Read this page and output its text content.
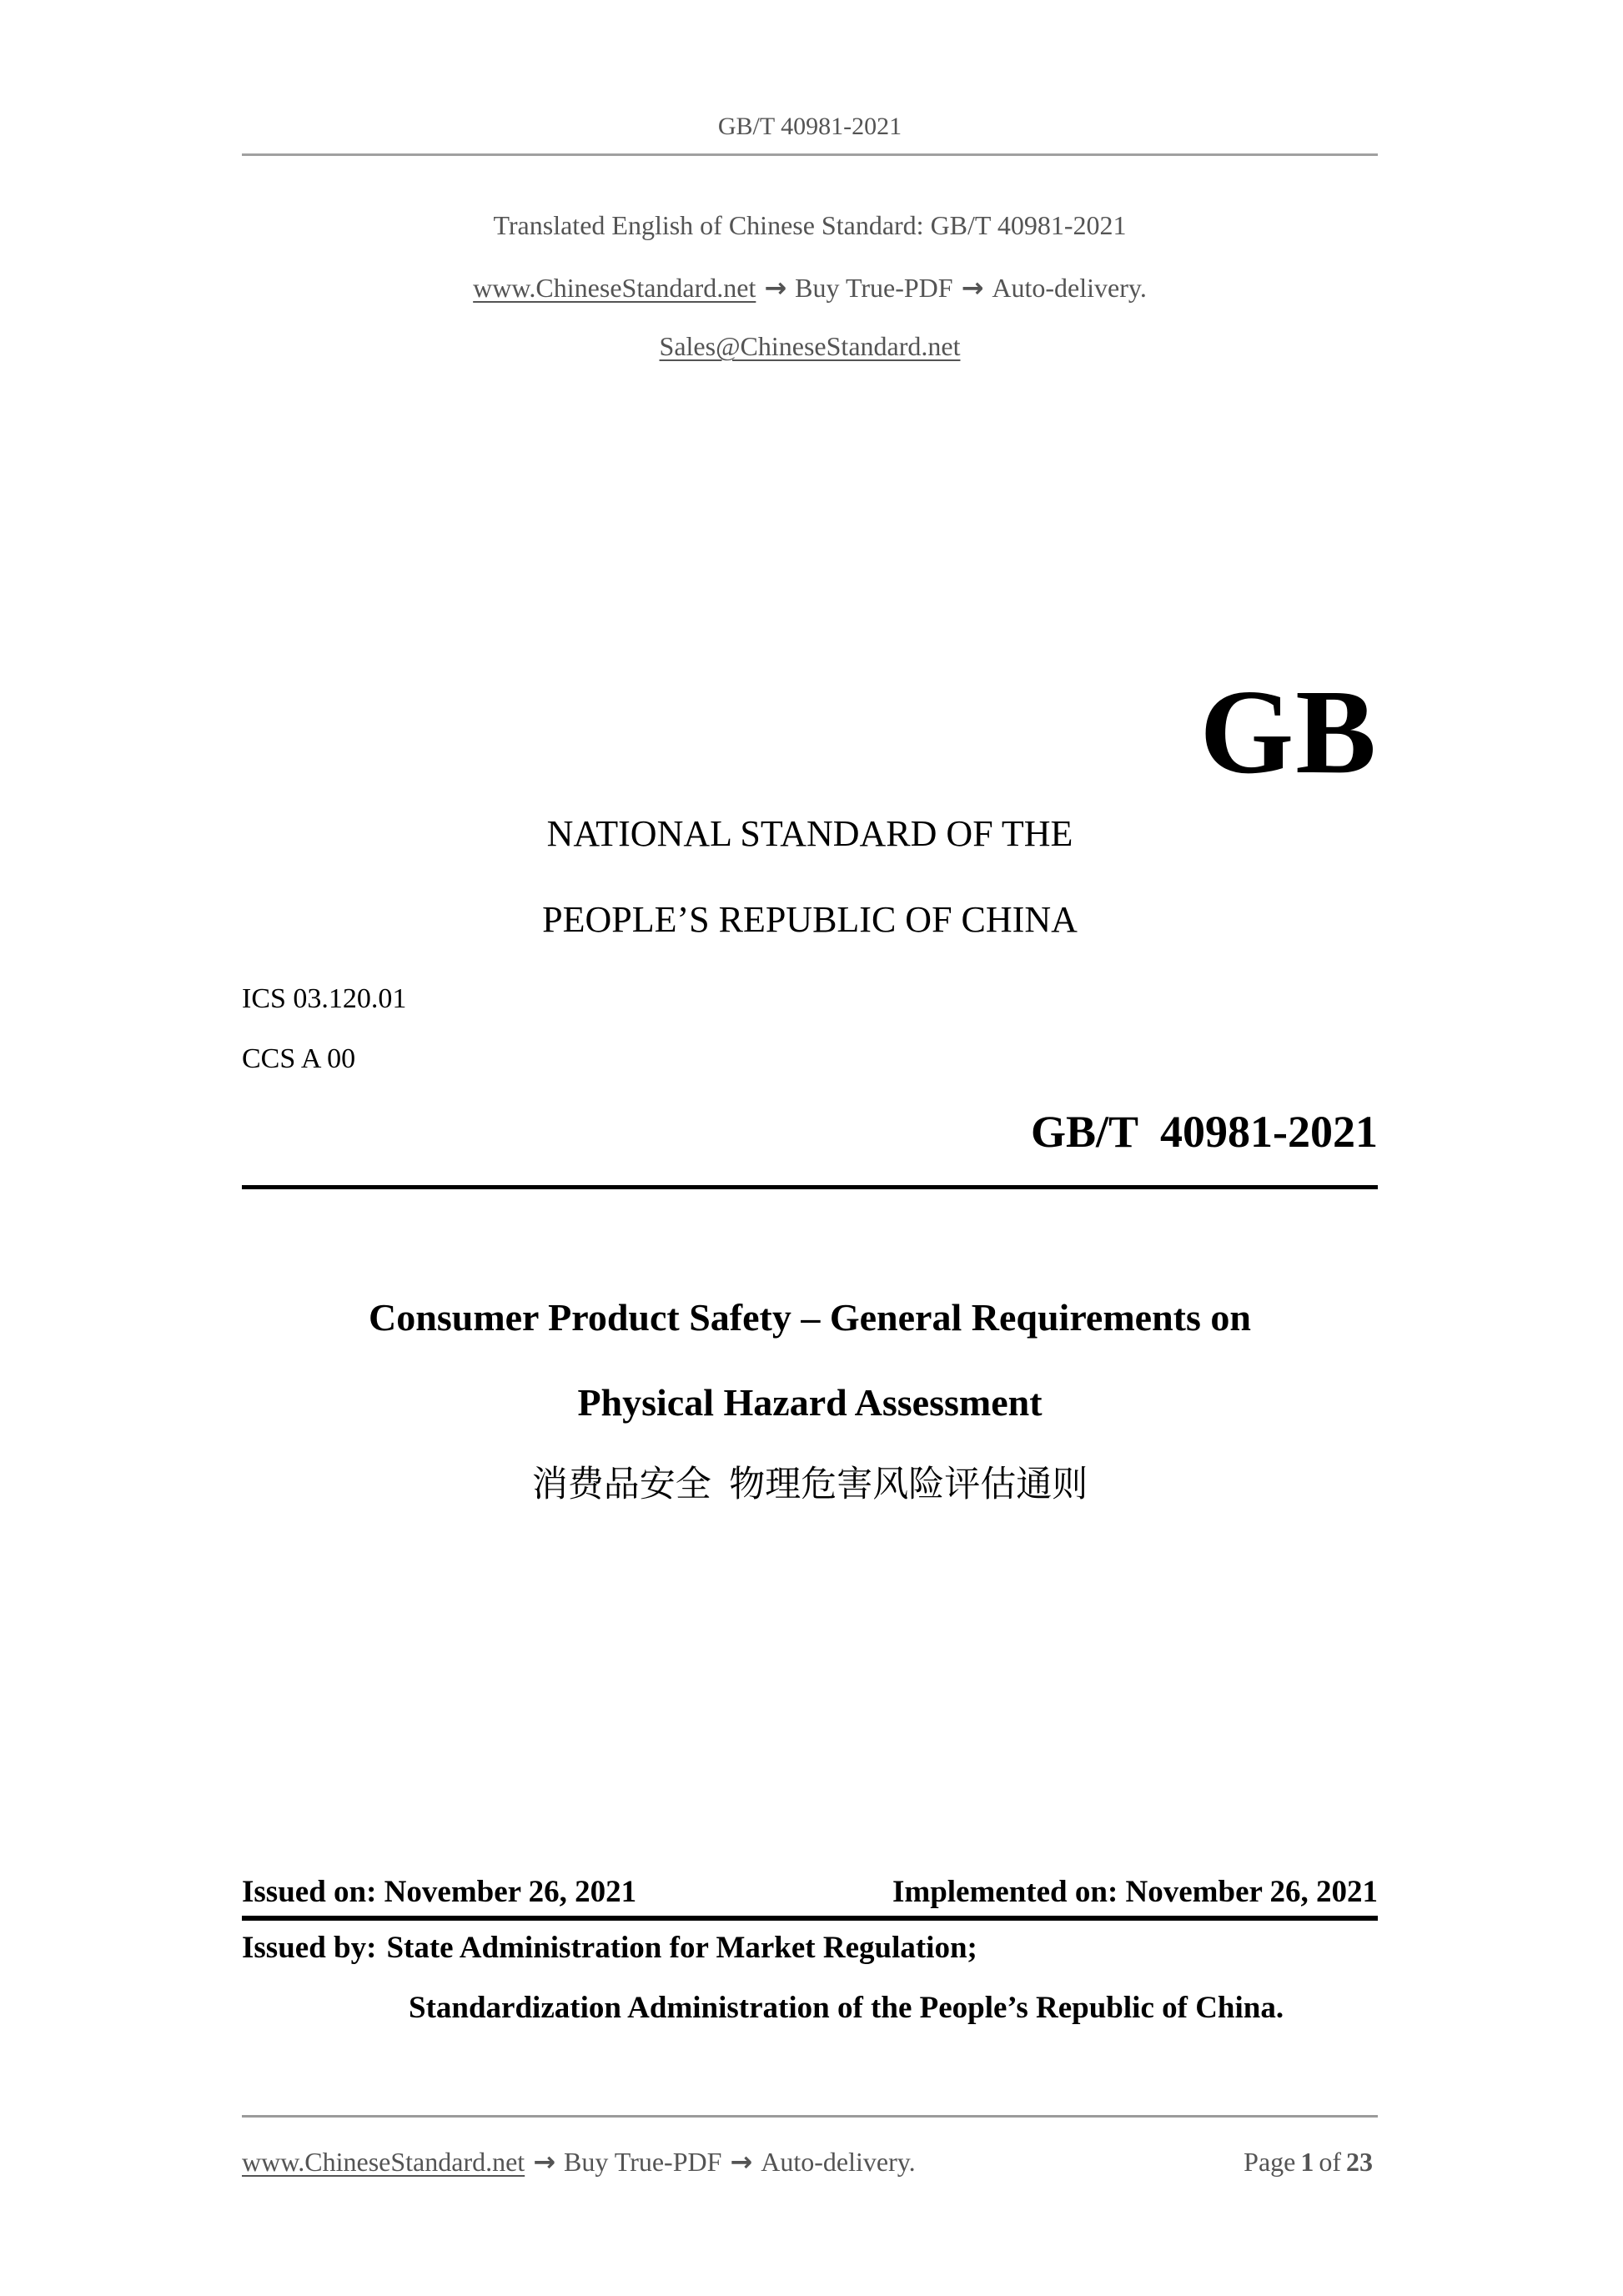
GB/T 40981-2021
Translated English of Chinese Standard: GB/T 40981-2021
www.ChineseStandard.net → Buy True-PDF → Auto-delivery.
Sales@ChineseStandard.net
GB
NATIONAL STANDARD OF THE
PEOPLE’S REPUBLIC OF CHINA
ICS 03.120.01
CCS A 00
GB/T  40981-2021
Consumer Product Safety – General Requirements on
Physical Hazard Assessment
消费品安全  物理危害风险评估通则
Issued on: November 26, 2021	Implemented on: November 26, 2021
Issued by: State Administration for Market Regulation;
Standardization Administration of the People’s Republic of China.
www.ChineseStandard.net → Buy True-PDF → Auto-delivery.	Page 1 of 23
